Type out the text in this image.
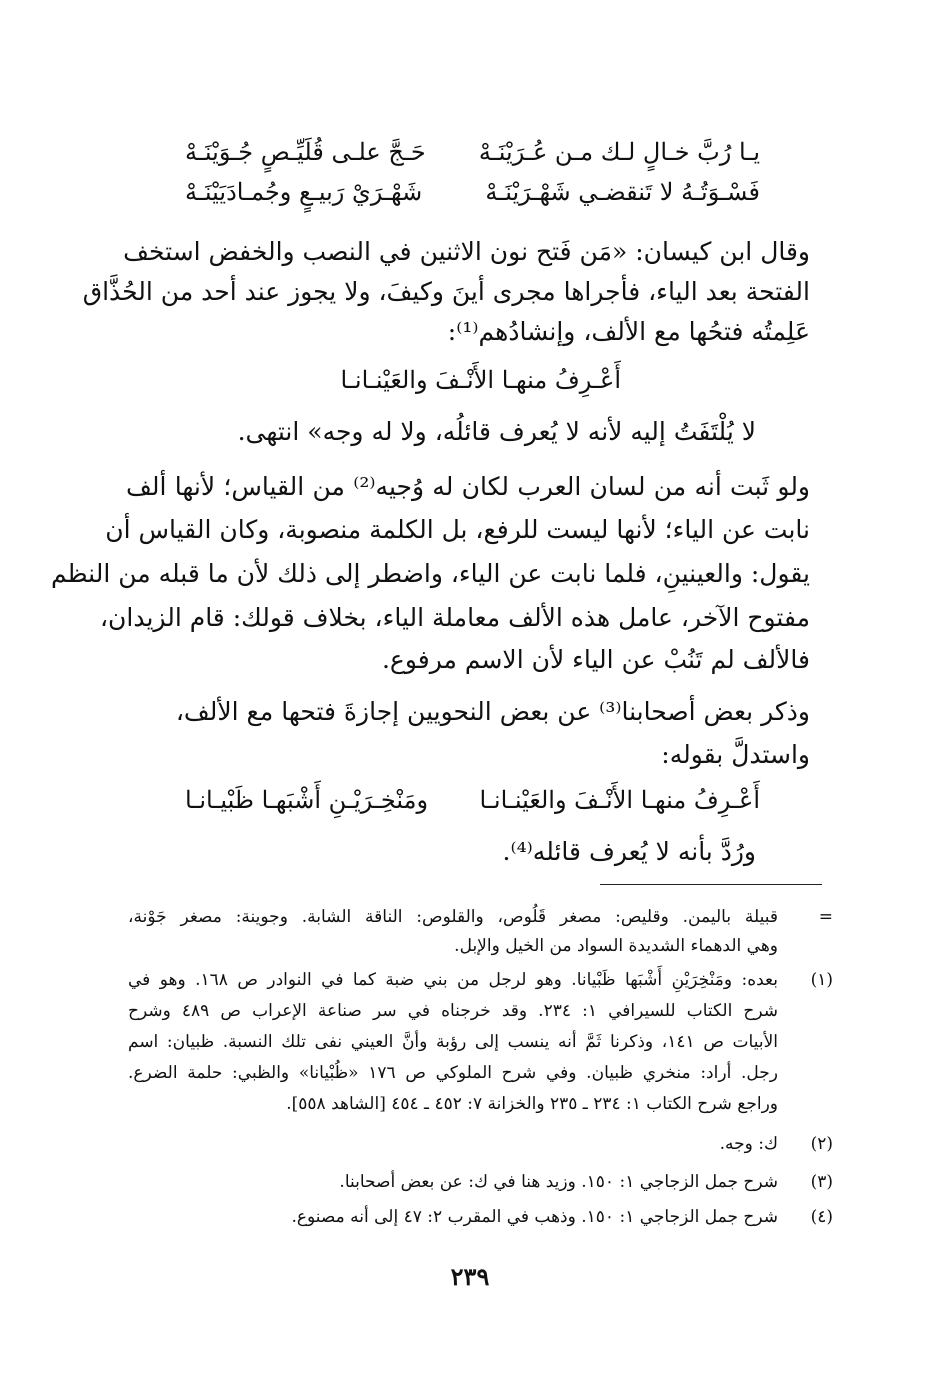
يـا رُبَّ خـالٍ لـك مـن عُـرَيْنَـهْ
حَـجَّ علـى قُلَيِّـصٍ جُـوَيْنَـهْ
فَسْـوَتُـهُ لا تَنقضـي شَهْـرَيْنَـهْ
شَهْـرَيْ رَبيـعٍ وجُمـادَيَيْنَـهْ
وقال ابن كيسان: «مَن فَتح نون الاثنين في النصب والخفض استخف
الفتحة بعد الياء، فأجراها مجرى أينَ وكيفَ، ولا يجوز عند أحد من الحُذَّاق
عَلِمتُه فتحُها مع الألف، وإنشادُهم⁽¹⁾:
أَعْـرِفُ منهـا الأَنْـفَ والعَيْنـانـا
لا يُلْتَفَتُ إليه لأنه لا يُعرف قائلُه، ولا له وجه» انتهى.
ولو ثَبت أنه من لسان العرب لكان له وُجيه⁽²⁾ من القياس؛ لأنها ألف
نابت عن الياء؛ لأنها ليست للرفع، بل الكلمة منصوبة، وكان القياس أن
يقول: والعينينِ، فلما نابت عن الياء، واضطر إلى ذلك لأن ما قبله من النظم
مفتوح الآخر، عامل هذه الألف معاملة الياء، بخلاف قولك: قام الزيدان،
فالألف لم تَنُبْ عن الياء لأن الاسم مرفوع.
وذكر بعض أصحابنا⁽³⁾ عن بعض النحويين إجازةَ فتحها مع الألف،
واستدلَّ بقوله:
أَعْـرِفُ منهـا الأَنْـفَ والعَيْنـانـا
ومَنْخِـرَيْـنِ أَشْبَهـا ظَبْيـانـا
ورُدَّ بأنه لا يُعرف قائله⁽⁴⁾.
=
قبيلة باليمن. وقليص: مصغر قَلُوص، والقلوص: الناقة الشابة. وجوينة: مصغر جَوْنة،
وهي الدهماء الشديدة السواد من الخيل والإبل.
(١)
بعده: ومَنْخِرَيْنِ أَشْبَها ظَبْيانا. وهو لرجل من بني ضبة كما في النوادر ص ١٦٨. وهو في
شرح الكتاب للسيرافي ١: ٢٣٤. وقد خرجناه في سر صناعة الإعراب ص ٤٨٩ وشرح
الأبيات ص ١٤١، وذكرنا ثَمَّ أنه ينسب إلى رؤبة وأنَّ العيني نفى تلك النسبة. ظبيان: اسم
رجل. أراد: منخري ظبيان. وفي شرح الملوكي ص ١٧٦ «ظُبْيانا» والظبي: حلمة الضرع.
وراجع شرح الكتاب ١: ٢٣٤ ـ ٢٣٥ والخزانة ٧: ٤٥٢ ـ ٤٥٤ [الشاهد ٥٥٨].
(٢)
ك: وجه.
(٣)
شرح جمل الزجاجي ١: ١٥٠. وزيد هنا في ك: عن بعض أصحابنا.
(٤)
شرح جمل الزجاجي ١: ١٥٠. وذهب في المقرب ٢: ٤٧ إلى أنه مصنوع.
٢٣٩
